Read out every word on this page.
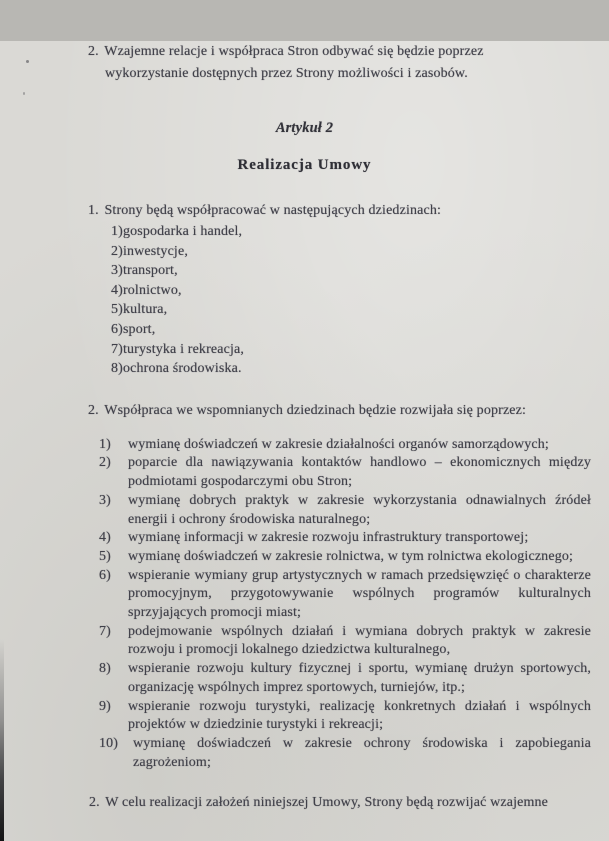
2. Wzajemne relacje i współpraca Stron odbywać się będzie poprzez wykorzystanie dostępnych przez Strony możliwości i zasobów.

Artykuł 2
Realizacja Umowy

1. Strony będą współpracować w następujących dziedzinach:

1)gospodarka i handel,
2)inwestycje,
3)transport,
4)rolnictwo,
5)kultura,
6)sport,
7)turystyka i rekreacja,
8)ochrona środowiska.

2. Współpraca we wspomnianych dziedzinach będzie rozwijała się poprzez:

1) wymianę doświadczeń w zakresie działalności organów samorządowych;
2) poparcie dla nawiązywania kontaktów handlowo – ekonomicznych między podmiotami gospodarczymi obu Stron;
3) wymianę dobrych praktyk w zakresie wykorzystania odnawialnych źródeł energii i ochrony środowiska naturalnego;
4) wymianę informacji w zakresie rozwoju infrastruktury transportowej;
5) wymianę doświadczeń w zakresie rolnictwa, w tym rolnictwa ekologicznego;
6) wspieranie wymiany grup artystycznych w ramach przedsięwzięć o charakterze promocyjnym, przygotowywanie wspólnych programów kulturalnych sprzyjających promocji miast;
7) podejmowanie wspólnych działań i wymiana dobrych praktyk w zakresie rozwoju i promocji lokalnego dziedzictwa kulturalnego,
8) wspieranie rozwoju kultury fizycznej i sportu, wymianę drużyn sportowych, organizację wspólnych imprez sportowych, turniejów, itp.;
9) wspieranie rozwoju turystyki, realizację konkretnych działań i wspólnych projektów w dziedzinie turystyki i rekreacji;
10) wymianę doświadczeń w zakresie ochrony środowiska i zapobiegania zagrożeniom;

2. W celu realizacji założeń niniejszej Umowy, Strony będą rozwijać wzajemne
